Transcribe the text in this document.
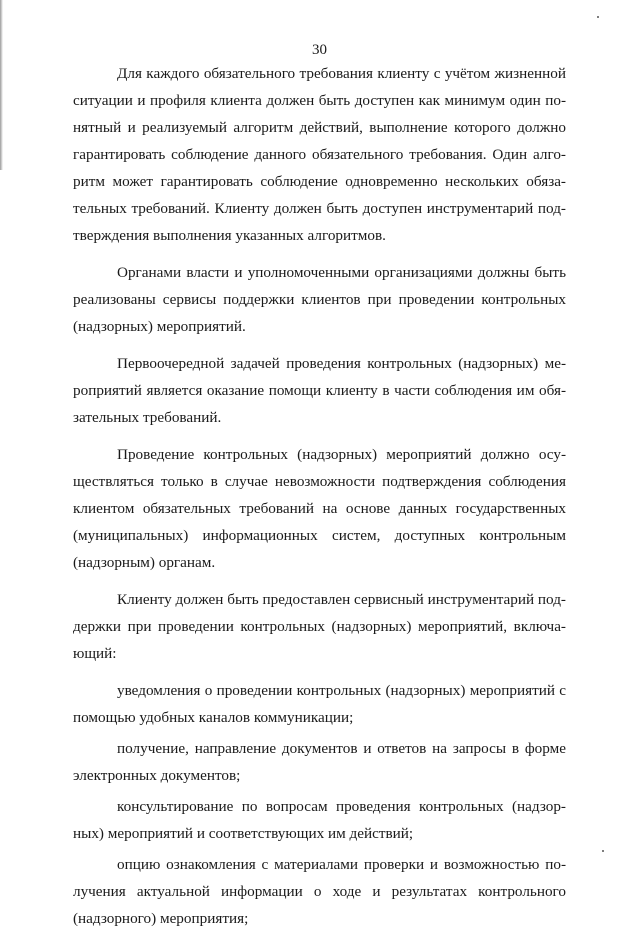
30

Для каждого обязательного требования клиенту с учётом жизненной
ситуации и профиля клиента должен быть доступен как минимум один по-
нятный и реализуемый алгоритм действий, выполнение которого должно
гарантировать соблюдение данного обязательного требования. Один алго-
ритм может гарантировать соблюдение одновременно нескольких обяза-
тельных требований. Клиенту должен быть доступен инструментарий под-
тверждения выполнения указанных алгоритмов.

Органами власти и уполномоченными организациями должны быть
реализованы сервисы поддержки клиентов при проведении контрольных
(надзорных) мероприятий.

Первоочередной задачей проведения контрольных (надзорных) ме-
роприятий является оказание помощи клиенту в части соблюдения им обя-
зательных требований.

Проведение контрольных (надзорных) мероприятий должно осу-
ществляться только в случае невозможности подтверждения соблюдения
клиентом обязательных требований на основе данных государственных
(муниципальных) информационных систем, доступных контрольным
(надзорным) органам.

Клиенту должен быть предоставлен сервисный инструментарий под-
держки при проведении контрольных (надзорных) мероприятий, включа-
ющий:

уведомления о проведении контрольных (надзорных) мероприятий с
помощью удобных каналов коммуникации;

получение, направление документов и ответов на запросы в форме
электронных документов;

консультирование по вопросам проведения контрольных (надзор-
ных) мероприятий и соответствующих им действий;

опцию ознакомления с материалами проверки и возможностью по-
лучения актуальной информации о ходе и результатах контрольного
(надзорного) мероприятия;
